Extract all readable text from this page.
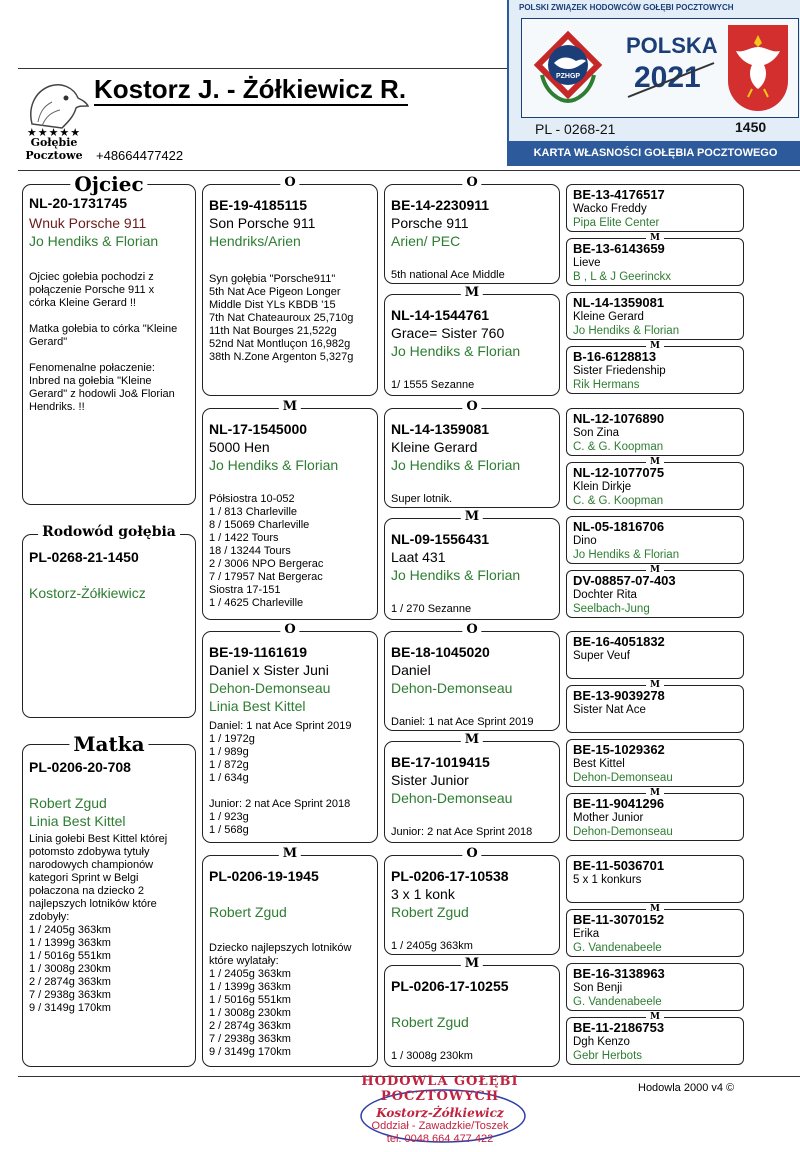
★★★★★
Gołębie
Pocztowe
Kostorz J. - Żółkiewicz R.
+48664477422
POLSKI ZWIĄZEK HODOWCÓW GOŁĘBI POCZTOWYCH
PZHGP
POLSKA
2021
PL - 0268-21	1450
KARTA WŁASNOŚCI GOŁĘBIA POCZTOWEGO
Ojciec
NL-20-1731745
Wnuk Porsche 911
Jo Hendiks & Florian
Ojciec gołebia pochodzi z
połączenie Porsche 911 x
córka Kleine Gerard !!

Matka gołebia to córka "Kleine
Gerard"

Fenomenalne połaczenie:
Inbred na gołebia "Kleine
Gerard" z hodowli Jo& Florian
Hendriks. !!
Rodowód gołębia
PL-0268-21-1450
Kostorz-Żółkiewicz
Matka
PL-0206-20-708
Robert Zgud
Linia Best Kittel
Linia gołebi Best Kittel której
potomsto zdobywa tytuły
narodowych championów
kategori Sprint w Belgi
połaczona na dziecko 2
najlepszych lotników które
zdobyły:
1 / 2405g 363km
1 / 1399g 363km
1 / 5016g 551km
1 / 3008g 230km
2 / 2874g 363km
7 / 2938g 363km
9 / 3149g 170km
O
BE-19-4185115
Son Porsche 911
Hendriks/Arien
Syn gołębia "Porsche911"
5th Nat Ace Pigeon Longer
Middle Dist YLs KBDB '15
7th Nat Chateauroux 25,710g
11th Nat Bourges 21,522g
52nd Nat Montluçon 16,982g
38th N.Zone Argenton 5,327g
M
NL-17-1545000
5000 Hen
Jo Hendiks & Florian
Półsiostra 10-052
1 / 813 Charleville
8 / 15069 Charleville
1 / 1422 Tours
18 / 13244 Tours
2 / 3006 NPO Bergerac
7 / 17957 Nat Bergerac
Siostra 17-151
1 / 4625 Charleville
O
BE-19-1161619
Daniel x Sister Juni
Dehon-Demonseau
Linia Best Kittel
Daniel: 1 nat Ace Sprint 2019
1 / 1972g
1 / 989g
1 / 872g
1 / 634g

Junior: 2 nat Ace Sprint 2018
1 / 923g
1 / 568g
M
PL-0206-19-1945
Robert Zgud
Dziecko najlepszych lotników
które wylatały:
1 / 2405g 363km
1 / 1399g 363km
1 / 5016g 551km
1 / 3008g 230km
2 / 2874g 363km
7 / 2938g 363km
9 / 3149g 170km
O
BE-14-2230911
Porsche 911
Arien/ PEC
5th national Ace Middle
M
NL-14-1544761
Grace= Sister 760
Jo Hendiks & Florian
1/ 1555 Sezanne
O
NL-14-1359081
Kleine Gerard
Jo Hendiks & Florian
Super lotnik.
M
NL-09-1556431
Laat 431
Jo Hendiks & Florian
1 / 270 Sezanne
O
BE-18-1045020
Daniel
Dehon-Demonseau
Daniel: 1 nat Ace Sprint 2019
M
BE-17-1019415
Sister Junior
Dehon-Demonseau
Junior: 2 nat Ace Sprint 2018
O
PL-0206-17-10538
3 x 1 konk
Robert Zgud
1 / 2405g 363km
M
PL-0206-17-10255
Robert Zgud
1 / 3008g 230km
BE-13-4176517
Wacko Freddy
Pipa Elite Center
M
BE-13-6143659
Lieve
B , L & J Geerinckx
NL-14-1359081
Kleine Gerard
Jo Hendiks & Florian
M
B-16-6128813
Sister Friedenship
Rik Hermans
NL-12-1076890
Son Zina
C. & G. Koopman
M
NL-12-1077075
Klein Dirkje
C. & G. Koopman
NL-05-1816706
Dino
Jo Hendiks & Florian
M
DV-08857-07-403
Dochter Rita
Seelbach-Jung
BE-16-4051832
Super Veuf
M
BE-13-9039278
Sister Nat Ace
BE-15-1029362
Best Kittel
Dehon-Demonseau
M
BE-11-9041296
Mother Junior
Dehon-Demonseau
BE-11-5036701
5 x 1 konkurs
M
BE-11-3070152
Erika
G. Vandenabeele
BE-16-3138963
Son Benji
G. Vandenabeele
M
BE-11-2186753
Dgh Kenzo
Gebr Herbots
HODOWLA GOŁĘBI
POCZTOWYCH
Kostorz-Żółkiewicz
Oddział - Zawadzkie/Toszek
tel. 0048 664 477 422
Hodowla 2000 v4 ©
